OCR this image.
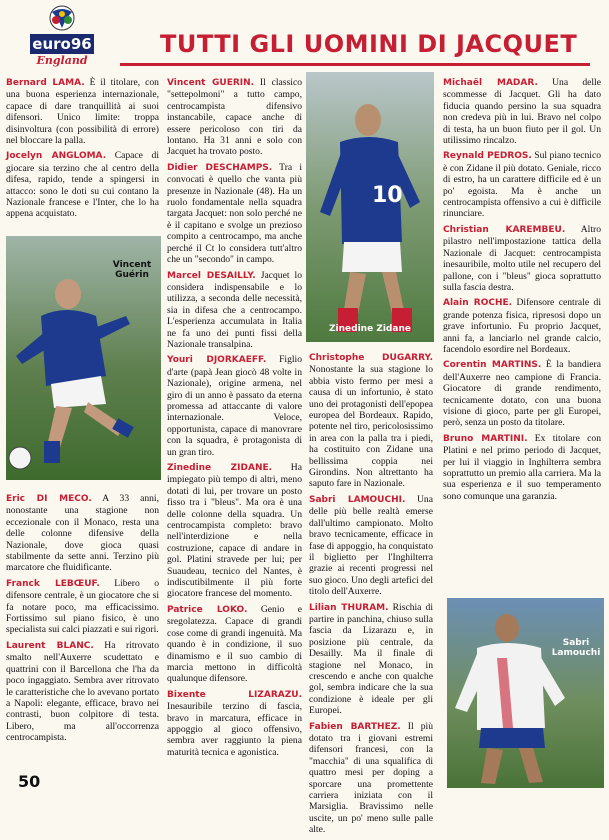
euro96
England
TUTTI GLI UOMINI DI JACQUET

Bernard LAMA. È il titolare, con una buona esperienza internazionale, capace di dare tranquillità ai suoi difensori. Unico limite: troppa disinvoltura (con possibilità di errore) nel bloccare la palla.

Jocelyn ANGLOMA. Capace di giocare sia terzino che al centro della difesa, rapido, tende a spingersi in attacco: sono le doti su cui contano la Nazionale francese e l'Inter, che lo ha appena acquistato.

Vincent
Guérin

Eric DI MECO. A 33 anni, nonostante una stagione non eccezionale con il Monaco, resta una delle colonne difensive della Nazionale, dove gioca quasi stabilmente da sette anni. Terzino più marcatore che fluidificante.

Franck LEBŒUF. Libero o difensore centrale, è un giocatore che si fa notare poco, ma efficacissimo. Fortissimo sul piano fisico, è uno specialista sui calci piazzati e sui rigori.

Laurent BLANC. Ha ritrovato smalto nell'Auxerre scudettato e quattrini con il Barcellona che l'ha da poco ingaggiato. Sembra aver ritrovato le caratteristiche che lo avevano portato a Napoli: elegante, efficace, bravo nei contrasti, buon colpitore di testa. Libero, ma all'occorrenza centrocampista.

Vincent GUERIN. Il classico "settepolmoni" a tutto campo, centrocampista difensivo instancabile, capace anche di essere pericoloso con tiri da lontano. Ha 31 anni e solo con Jacquet ha trovato posto.

Didier DESCHAMPS. Tra i convocati è quello che vanta più presenze in Nazionale (48). Ha un ruolo fondamentale nella squadra targata Jacquet: non solo perché ne è il capitano e svolge un prezioso compito a centrocampo, ma anche perché il Ct lo considera tutt'altro che un "secondo" in campo.

Marcel DESAILLY. Jacquet lo considera indispensabile e lo utilizza, a seconda delle necessità, sia in difesa che a centrocampo. L'esperienza accumulata in Italia ne fa uno dei punti fissi della Nazionale transalpina.

Youri DJORKAEFF. Figlio d'arte (papà Jean giocò 48 volte in Nazionale), origine armena, nel giro di un anno è passato da eterna promessa ad attaccante di valore internazionale. Veloce, opportunista, capace di manovrare con la squadra, è protagonista di un gran tiro.

Zinedine ZIDANE. Ha impiegato più tempo di altri, meno dotati di lui, per trovare un posto fisso tra i "bleus". Ma ora è una delle colonne della squadra. Un centrocampista completo: bravo nell'interdizione e nella costruzione, capace di andare in gol. Platini stravede per lui; per Suaudeau, tecnico del Nantes, è indiscutibilmente il più forte giocatore francese del momento.

Patrice LOKO. Genio e sregolatezza. Capace di grandi cose come di grandi ingenuità. Ma quando è in condizione, il suo dinamismo e il suo cambio di marcia mettono in difficoltà qualunque difensore.

Bixente LIZARAZU. Inesauribile terzino di fascia, bravo in marcatura, efficace in appoggio al gioco offensivo, sembra aver raggiunto la piena maturità tecnica e agonistica.

10
Zinedine Zidane

Christophe DUGARRY. Nonostante la sua stagione lo abbia visto fermo per mesi a causa di un infortunio, è stato uno dei protagonisti dell'epopea europea del Bordeaux. Rapido, potente nel tiro, pericolosissimo in area con la palla tra i piedi, ha costituito con Zidane una bellissima coppia nei Girondins. Non altrettanto ha saputo fare in Nazionale.

Sabri LAMOUCHI. Una delle più belle realtà emerse dall'ultimo campionato. Molto bravo tecnicamente, efficace in fase di appoggio, ha conquistato il biglietto per l'Inghilterra grazie ai recenti progressi nel suo gioco. Uno degli artefici del titolo dell'Auxerre.

Lilian THURAM. Rischia di partire in panchina, chiuso sulla fascia da Lizarazu e, in posizione più centrale, da Desailly. Ma il finale di stagione nel Monaco, in crescendo e anche con qualche gol, sembra indicare che la sua condizione è ideale per gli Europei.

Fabien BARTHEZ. Il più dotato tra i giovani estremi difensori francesi, con la "macchia" di una squalifica di quattro mesi per doping a sporcare una promettente carriera iniziata con il Marsiglia. Bravissimo nelle uscite, un po' meno sulle palle alte.

Michaël MADAR. Una delle scommesse di Jacquet. Gli ha dato fiducia quando persino la sua squadra non credeva più in lui. Bravo nel colpo di testa, ha un buon fiuto per il gol. Un utilissimo rincalzo.

Reynald PEDROS. Sul piano tecnico è con Zidane il più dotato. Geniale, ricco di estro, ha un carattere difficile ed è un po' egoista. Ma è anche un centrocampista offensivo a cui è difficile rinunciare.

Christian KAREMBEU. Altro pilastro nell'impostazione tattica della Nazionale di Jacquet: centrocampista inesauribile, molto utile nel recupero del pallone, con i "bleus" gioca soprattutto sulla fascia destra.

Alain ROCHE. Difensore centrale di grande potenza fisica, ripresosi dopo un grave infortunio. Fu proprio Jacquet, anni fa, a lanciarlo nel grande calcio, facendolo esordire nel Bordeaux.

Corentin MARTINS. È la bandiera dell'Auxerre neo campione di Francia. Giocatore di grande rendimento, tecnicamente dotato, con una buona visione di gioco, parte per gli Europei, però, senza un posto da titolare.

Bruno MARTINI. Ex titolare con Platini e nel primo periodo di Jacquet, per lui il viaggio in Inghilterra sembra soprattutto un premio alla carriera. Ma la sua esperienza e il suo temperamento sono comunque una garanzia.

Sabri
Lamouchi
50
